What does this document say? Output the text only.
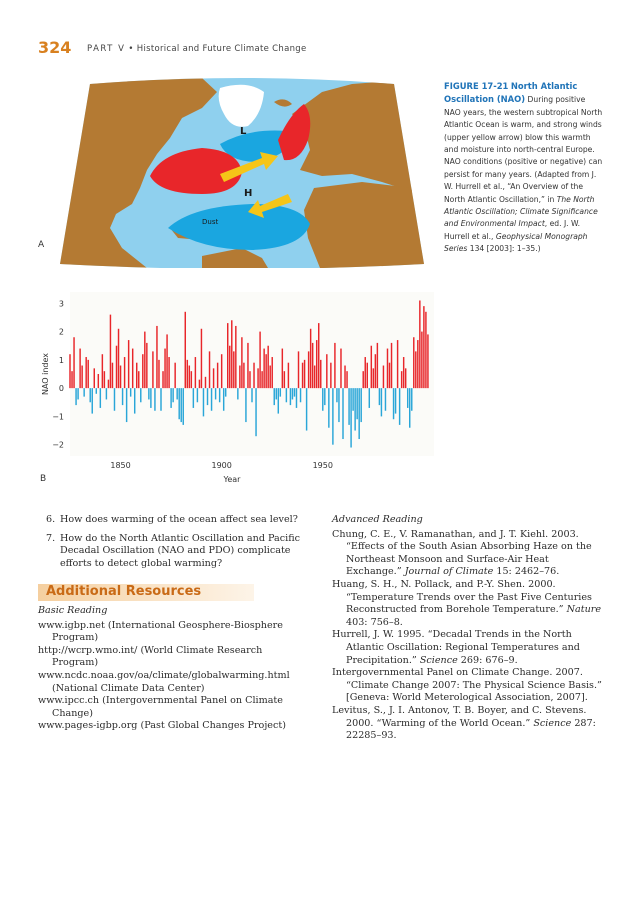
324 PART V • Historical and Future Climate Change
L
H
Dust
A
FIGURE 17-21 North Atlantic Oscillation (NAO) During positive NAO years, the western subtropical North Atlantic Ocean is warm, and strong winds (upper yellow arrow) blow this warmth and moisture into north-central Europe. NAO conditions (positive or negative) can persist for many years. (Adapted from J. W. Hurrell et al., “An Overview of the North Atlantic Oscillation,” in The North Atlantic Oscillation; Climate Significance and Environmental Impact, ed. J. W. Hurrell et al., Geophysical Monograph Series 134 [2003]: 1–35.)
3
2
1
0
−1
−2
1850	1900	1950
NAO index
Year
B
6. How does warming of the ocean affect sea level?
7. How do the North Atlantic Oscillation and Pacific Decadal Oscillation (NAO and PDO) complicate efforts to detect global warming?
Additional Resources
Basic Reading
www.igbp.net (International Geosphere-Biosphere Program)
http://wcrp.wmo.int/ (World Climate Research Program)
www.ncdc.noaa.gov/oa/climate/globalwarming.html (National Climate Data Center)
www.ipcc.ch (Intergovernmental Panel on Climate Change)
www.pages-igbp.org (Past Global Changes Project)
Advanced Reading
Chung, C. E., V. Ramanathan, and J. T. Kiehl. 2003. “Effects of the South Asian Absorbing Haze on the Northeast Monsoon and Surface-Air Heat Exchange.” Journal of Climate 15: 2462–76.
Huang, S. H., N. Pollack, and P.-Y. Shen. 2000. “Temperature Trends over the Past Five Centuries Reconstructed from Borehole Temperature.” Nature 403: 756–8.
Hurrell, J. W. 1995. “Decadal Trends in the North Atlantic Oscillation: Regional Temperatures and Precipitation.” Science 269: 676–9.
Intergovernmental Panel on Climate Change. 2007. “Climate Change 2007: The Physical Science Basis.” [Geneva: World Meterological Association, 2007].
Levitus, S., J. I. Antonov, T. B. Boyer, and C. Stevens. 2000. “Warming of the World Ocean.” Science 287: 22285–93.
